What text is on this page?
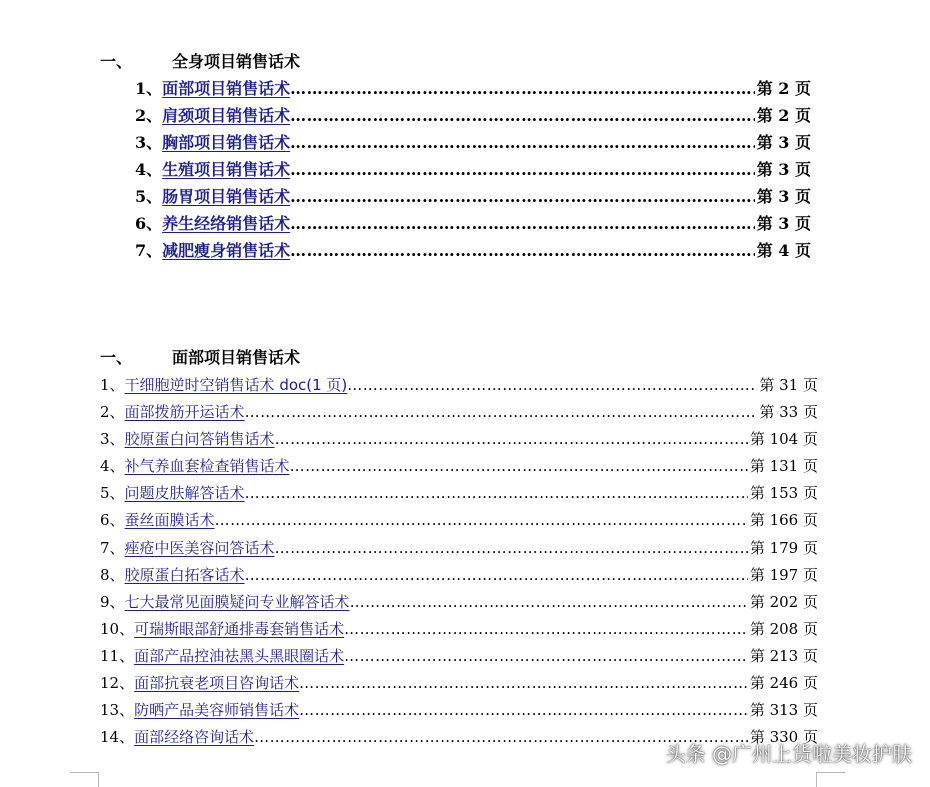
一、 全身项目销售话术
1、 面部项目销售话术 ……………………………………………………………………………………………………………………………………………………………………………………	第 2 页
2、 肩颈项目销售话术 ……………………………………………………………………………………………………………………………………………………………………………………	第 2 页
3、 胸部项目销售话术 ……………………………………………………………………………………………………………………………………………………………………………………	第 3 页
4、 生殖项目销售话术 ……………………………………………………………………………………………………………………………………………………………………………………	第 3 页
5、 肠胃项目销售话术 ……………………………………………………………………………………………………………………………………………………………………………………	第 3 页
6、 养生经络销售话术 ……………………………………………………………………………………………………………………………………………………………………………………	第 3 页
7、 减肥瘦身销售话术 ……………………………………………………………………………………………………………………………………………………………………………………	第 4 页
一、 面部项目销售话术
1、 干细胞逆时空销售话术 doc(1 页) ……………………………………………………………………………………………………………………………………………………………………………………	第 31 页
2、 面部拨筋开运话术 ……………………………………………………………………………………………………………………………………………………………………………………	第 33 页
3、 胶原蛋白问答销售话术 ……………………………………………………………………………………………………………………………………………………………………………………	第 104 页
4、 补气养血套检查销售话术 ……………………………………………………………………………………………………………………………………………………………………………………	第 131 页
5、 问题皮肤解答话术 ……………………………………………………………………………………………………………………………………………………………………………………	第 153 页
6、 蚕丝面膜话术 ……………………………………………………………………………………………………………………………………………………………………………………	第 166 页
7、 痤疮中医美容问答话术 ……………………………………………………………………………………………………………………………………………………………………………………	第 179 页
8、 胶原蛋白拓客话术 ……………………………………………………………………………………………………………………………………………………………………………………	第 197 页
9、 七大最常见面膜疑问专业解答话术 ……………………………………………………………………………………………………………………………………………………………………………………	第 202 页
10、 可瑞斯眼部舒通排毒套销售话术 ……………………………………………………………………………………………………………………………………………………………………………………	第 208 页
11、 面部产品控油祛黑头黑眼圈话术 ……………………………………………………………………………………………………………………………………………………………………………………	第 213 页
12、 面部抗衰老项目咨询话术 ……………………………………………………………………………………………………………………………………………………………………………………	第 246 页
13、 防晒产品美容师销售话术 ……………………………………………………………………………………………………………………………………………………………………………………	第 313 页
14、 面部经络咨询话术 ……………………………………………………………………………………………………………………………………………………………………………………	第 330 页
头条 @广州上货啦美妆护肤
